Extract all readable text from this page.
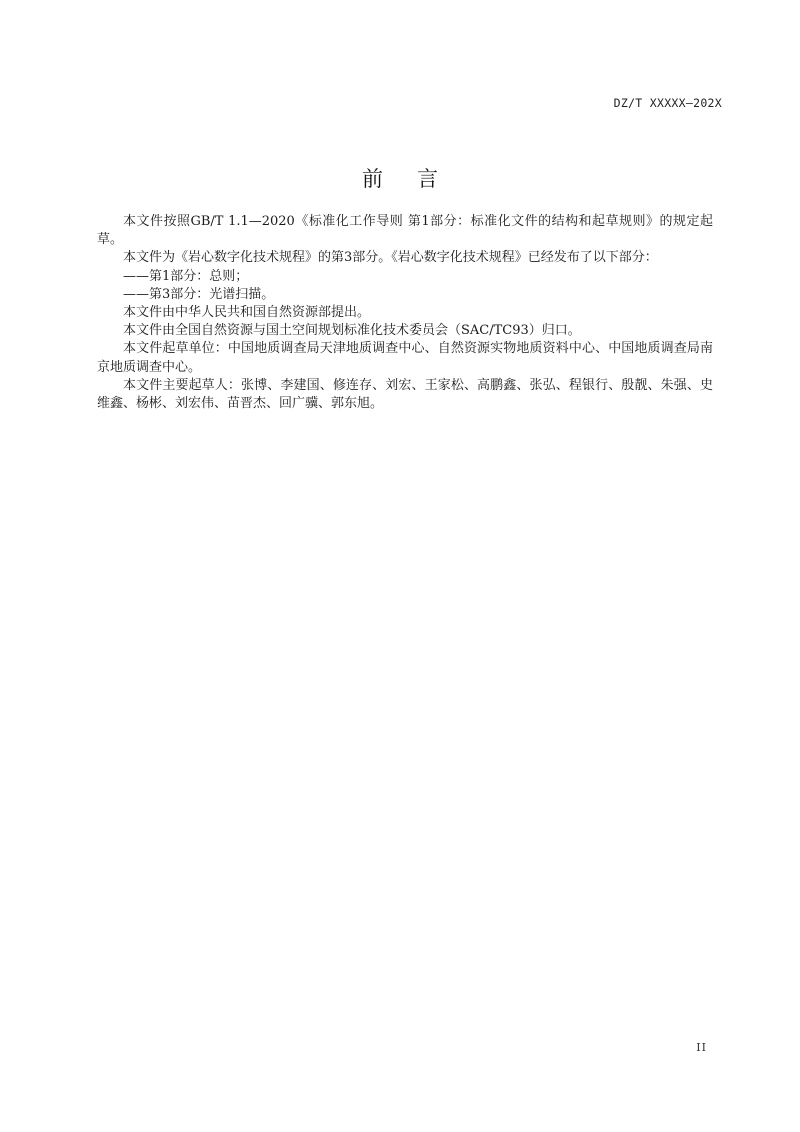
DZ/T XXXXX—202X
前言

本文件按照GB/T 1.1—2020《标准化工作导则 第1部分：标准化文件的结构和起草规则》的规定起草。

本文件为《岩心数字化技术规程》的第3部分。《岩心数字化技术规程》已经发布了以下部分：

——第1部分：总则；

——第3部分：光谱扫描。

本文件由中华人民共和国自然资源部提出。

本文件由全国自然资源与国土空间规划标准化技术委员会（SAC/TC93）归口。

本文件起草单位：中国地质调查局天津地质调查中心、自然资源实物地质资料中心、中国地质调查局南京地质调查中心。

本文件主要起草人：张博、李建国、修连存、刘宏、王家松、高鹏鑫、张弘、程银行、殷靓、朱强、史维鑫、杨彬、刘宏伟、苗晋杰、回广骥、郭东旭。

II
